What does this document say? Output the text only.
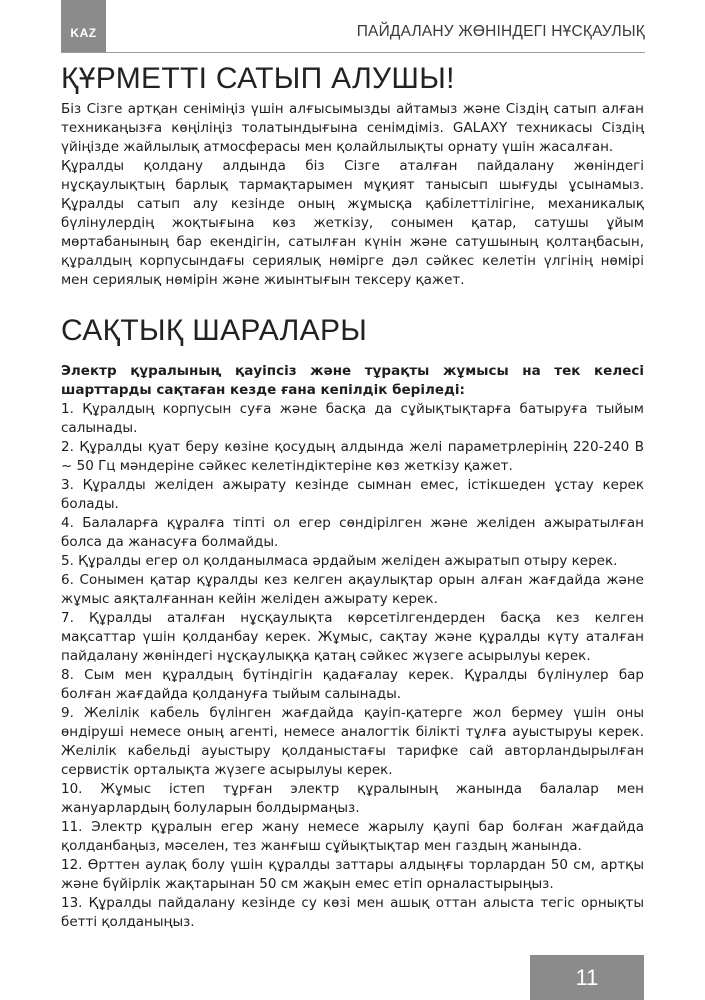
KAZ	ПАЙДАЛАНУ ЖӨНІНДЕГІ НҰСҚАУЛЫҚ
ҚҰРМЕТТІ САТЫП АЛУШЫ!

Біз Сізге артқан сеніміңіз үшін алғысымызды айтамыз және Сіздің сатып алған техникаңызға көңіліңіз толатындығына сенімдіміз. GALAXY техникасы Сіздің үйіңізде жайлылық атмосферасы мен қолайлылықты орнату үшін жасалған.

Құралды қолдану алдында біз Сізге аталған пайдалану жөніндегі нұсқаулықтың барлық тармақтарымен мұқият танысып шығуды ұсынамыз. Құралды сатып алу кезінде оның жұмысқа қабілеттілігіне, механикалық бүлінулердің жоқтығына көз жеткізу, сонымен қатар, сатушы ұйым мөртабанының бар екендігін, сатылған күнін және сатушының қолтаңбасын, құралдың корпусындағы сериялық нөмірге дәл сәйкес келетін үлгінің нөмірі мен сериялық нөмірін және жиынтығын тексеру қажет.

САҚТЫҚ ШАРАЛАРЫ

Электр құралының қауіпсіз және тұрақты жұмысы на тек келесі шарттарды сақтаған кезде ғана кепілдік беріледі:

1. Құралдың корпусын суға және басқа да сұйықтықтарға батыруға тыйым салынады.
2. Құралды қуат беру көзіне қосудың алдында желі параметрлерінің 220-240 В ~ 50 Гц мәндеріне сәйкес келетіндіктеріне көз жеткізу қажет.
3. Құралды желіден ажырату кезінде сымнан емес, істікшеден ұстау керек болады.
4. Балаларға құралға тіпті ол егер сөндірілген және желіден ажыратылған болса да жанасуға болмайды.
5. Құралды егер ол қолданылмаса әрдайым желіден ажыратып отыру керек.
6. Сонымен қатар құралды кез келген ақаулықтар орын алған жағдайда және жұмыс аяқталғаннан кейін желіден ажырату керек.
7. Құралды аталған нұсқаулықта көрсетілгендерден басқа кез келген мақсаттар үшін қолданбау керек. Жұмыс, сақтау және құралды күту аталған пайдалану жөніндегі нұсқаулыққа қатаң сәйкес жүзеге асырылуы керек.
8. Сым мен құралдың бүтіндігін қадағалау керек. Құралды бүлінулер бар болған жағдайда қолдануға тыйым салынады.
9. Желілік кабель бүлінген жағдайда қауіп-қатерге жол бермеу үшін оны өндіруші немесе оның агенті, немесе аналогтік білікті тұлға ауыстыруы керек. Желілік кабельді ауыстыру қолданыстағы тарифке сай авторландырылған сервистік орталықта жүзеге асырылуы керек.
10. Жұмыс істеп тұрған электр құралының жанында балалар мен жануарлардың болуларын болдырмаңыз.
11. Электр құралын егер жану немесе жарылу қаупі бар болған жағдайда қолданбаңыз, мәселен, тез жанғыш сұйықтықтар мен газдың жанында.
12. Өрттен аулақ болу үшін құралды заттары алдыңғы торлардан 50 см, артқы және бүйірлік жақтарынан 50 см жақын емес етіп орналастырыңыз.
13. Құралды пайдалану кезінде су көзі мен ашық оттан алыста тегіс орнықты бетті қолданыңыз.
11
